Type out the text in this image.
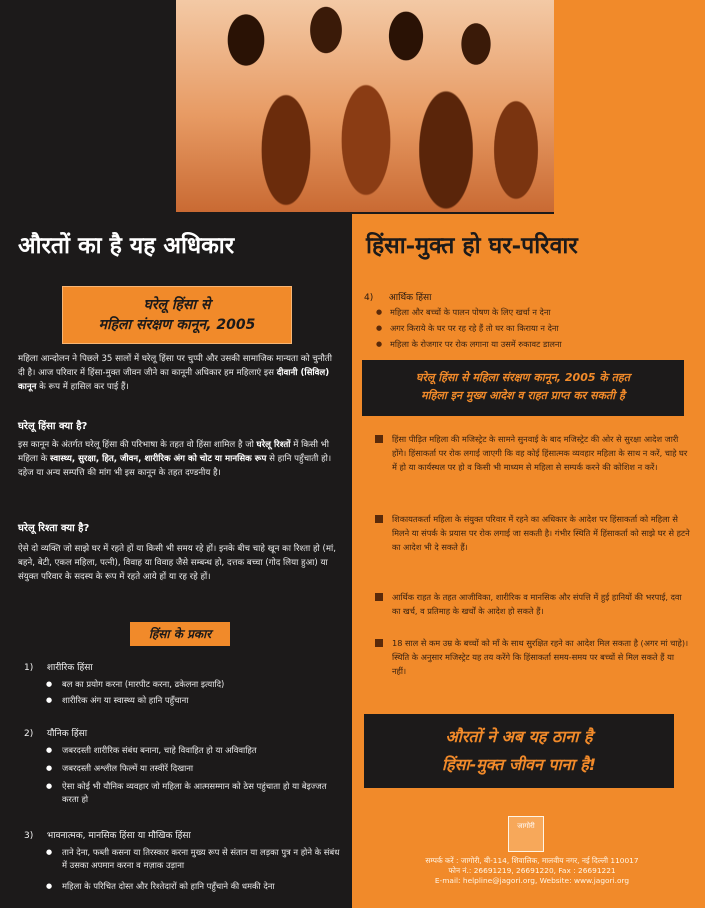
औरतों का है यह अधिकार	हिंसा-मुक्त हो घर-परिवार
घरेलू हिंसा से
महिला संरक्षण कानून, 2005
महिला आन्दोलन ने पिछले 35 सालों में घरेलू हिंसा पर चुप्पी और उसकी सामाजिक मान्यता को चुनौती दी है। आज परिवार में हिंसा-मुक्त जीवन जीने का कानूनी अधिकार हम महिलाएं इस दीवानी (सिविल) कानून के रूप में हासिल कर पाई हैं।
घरेलू हिंसा क्या है?
इस कानून के अंतर्गत घरेलू हिंसा की परिभाषा के तहत वो हिंसा शामिल है जो घरेलू रिश्तों में किसी भी महिला के स्वास्थ्य, सुरक्षा, हित, जीवन, शारीरिक अंग को चोट या मानसिक रूप से हानि पहुँचाती हो। दहेज या अन्य सम्पत्ति की मांग भी इस कानून के तहत दण्डनीय है।
घरेलू रिश्ता क्या है?
ऐसे दो व्यक्ति जो साझे घर में रहते हों या किसी भी समय रहे हों। इनके बीच चाहे खून का रिश्ता हो (मां, बहने, बेटी, एकल महिला, पत्नी), विवाह या विवाह जैसे सम्बन्ध हो, दत्तक बच्चा (गोद लिया हुआ) या संयुक्त परिवार के सदस्य के रूप में रहते आये हों या रह रहे हों।
हिंसा के प्रकार
1) शारीरिक हिंसा
● बल का प्रयोग करना (मारपीट करना, ढकेलना इत्यादि)
● शारीरिक अंग या स्वास्थ्य को हानि पहुँचाना
2) यौनिक हिंसा
● जबरदस्ती शारीरिक संबंध बनाना, चाहे विवाहित हो या अविवाहित
● जबरदस्ती अश्लील फिल्में या तस्वीरें दिखाना
● ऐसा कोई भी यौनिक व्यवहार जो महिला के आत्मसम्मान को ठेस पहुंचाता हो या बेइज्जत करता हो
3) भावनात्मक, मानसिक हिंसा या मौखिक हिंसा
● ताने देना, फब्ती कसना या तिरस्कार करना मुख्य रूप से संतान या लड़का पुत्र न होने के संबंध में उसका अपमान करना व मज़ाक उड़ाना
● महिला के परिचित दोस्त और रिश्तेदारों को हानि पहुँचाने की धमकी देना
4) आर्थिक हिंसा
● महिला और बच्चों के पालन पोषण के लिए खर्चा न देना
● अगर किराये के घर पर रह रहे हैं तो घर का किराया न देना
● महिला के रोजगार पर रोक लगाना या उसमें रुकावट डालना
घरेलू हिंसा से महिला संरक्षण कानून, 2005 के तहत
महिला इन मुख्य आदेश व राहत प्राप्त कर सकती है
हिंसा पीड़ित महिला की मजिस्ट्रेट के सामने सुनवाई के बाद मजिस्ट्रेट की ओर से सुरक्षा आदेश जारी होंगे। हिंसाकर्ता पर रोक लगाई जाएगी कि वह कोई हिंसात्मक व्यवहार महिला के साथ न करें, चाहे घर में हो या कार्यस्थल पर हो व किसी भी माध्यम से महिला से सम्पर्क करने की कोशिश न करें।
शिकायतकर्ता महिला के संयुक्त परिवार में रहने का अधिकार के आदेश पर हिंसाकर्ता को महिला से मिलने या संपर्क के प्रयास पर रोक लगाई जा सकती है। गंभीर स्थिति में हिंसाकर्ता को साझे घर से हटने का आदेश भी दे सकते हैं।
आर्थिक राहत के तहत आजीविका, शारीरिक व मानसिक और संपत्ति में हुई हानियों की भरपाई, दवा का खर्च, व प्रतिमाह के खर्चों के आदेश हो सकते हैं।
18 साल से कम उम्र के बच्चों को माँ के साथ सुरक्षित रहने का आदेश मिल सकता है (अगर मां चाहे)। स्थिति के अनुसार मजिस्ट्रेट यह तय करेंगे कि हिंसाकर्ता समय-समय पर बच्चों से मिल सकते हैं या नहीं।
औरतों ने अब यह ठाना है
हिंसा-मुक्त जीवन पाना है!
जागोरी
सम्पर्क करें : जागोरी, बी-114, शिवालिक, मालवीय नगर, नई दिल्ली 110017
फोन नं.: 26691219, 26691220, Fax : 26691221
E-mail: helpline@jagori.org, Website: www.jagori.org
